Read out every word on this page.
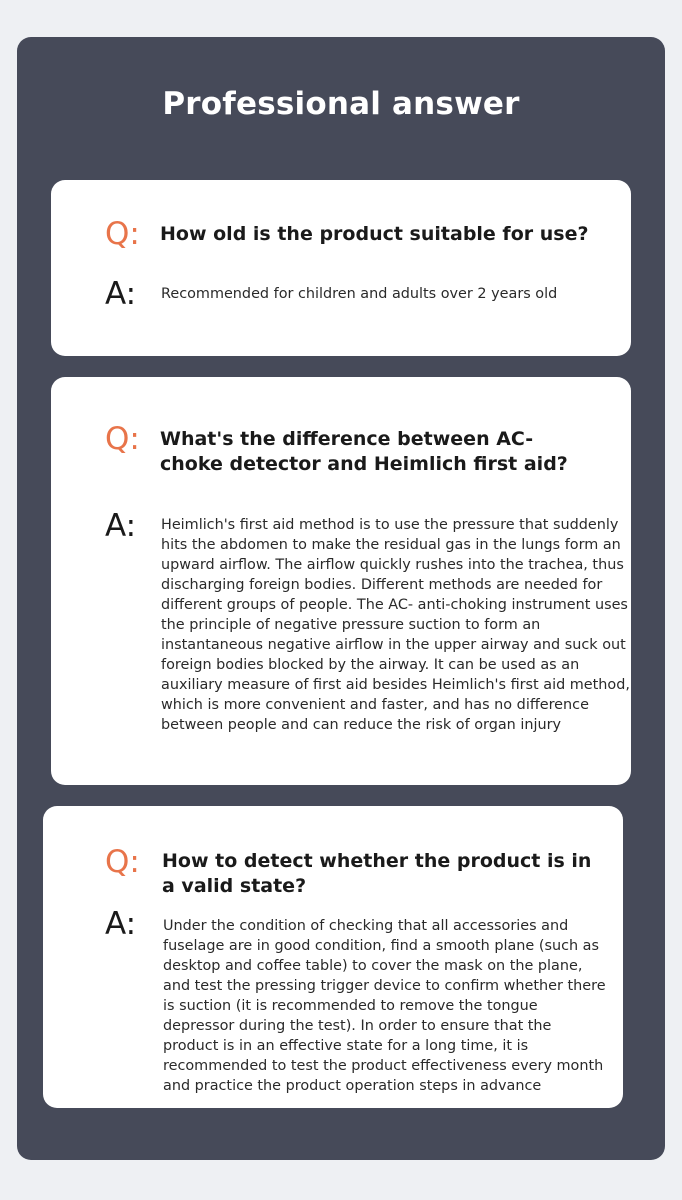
Professional answer
Q: How old is the product suitable for use?
A: Recommended for children and adults over 2 years old
Q: What's the difference between AC- choke detector and Heimlich first aid?
A: Heimlich's first aid method is to use the pressure that suddenly hits the abdomen to make the residual gas in the lungs form an upward airflow. The airflow quickly rushes into the trachea, thus discharging foreign bodies. Different methods are needed for different groups of people. The AC- anti-choking instrument uses the principle of negative pressure suction to form an instantaneous negative airflow in the upper airway and suck out foreign bodies blocked by the airway. It can be used as an auxiliary measure of first aid besides Heimlich's first aid method, which is more convenient and faster, and has no difference between people and can reduce the risk of organ injury
Q: How to detect whether the product is in a valid state?
A: Under the condition of checking that all accessories and fuselage are in good condition, find a smooth plane (such as desktop and coffee table) to cover the mask on the plane, and test the pressing trigger device to confirm whether there is suction (it is recommended to remove the tongue depressor during the test). In order to ensure that the product is in an effective state for a long time, it is recommended to test the product effectiveness every month and practice the product operation steps in advance
